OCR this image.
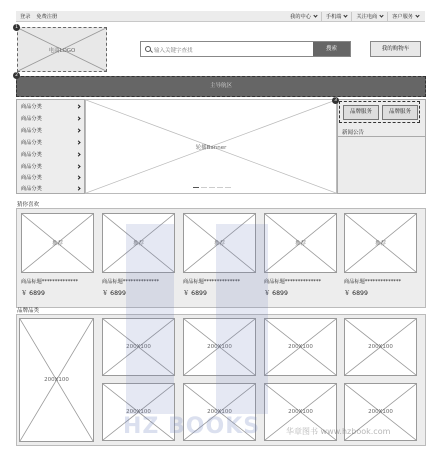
登录 免费注册	我的中心	手机端	关注电商	客户服务
电商LOGO
1
输入关键字查找	搜索	我的购物车
主导航区
2
商品分类
商品分类
商品分类
商品分类
商品分类
商品分类
商品分类
商品分类
轮播Banner
品牌服务	品牌服务
3
新闻公告
猜你喜欢
推荐
商品标题**************
￥ 6899
推荐
商品标题**************
￥ 6899
推荐
商品标题**************
￥ 6899
推荐
商品标题**************
￥ 6899
推荐
商品标题**************
￥ 6899
品牌品类
200X100
200X100	200X100	200X100	200X100
200X100	200X100	200X100	200X100
HZ BOOKS	华章图书 www.hzbook.com
